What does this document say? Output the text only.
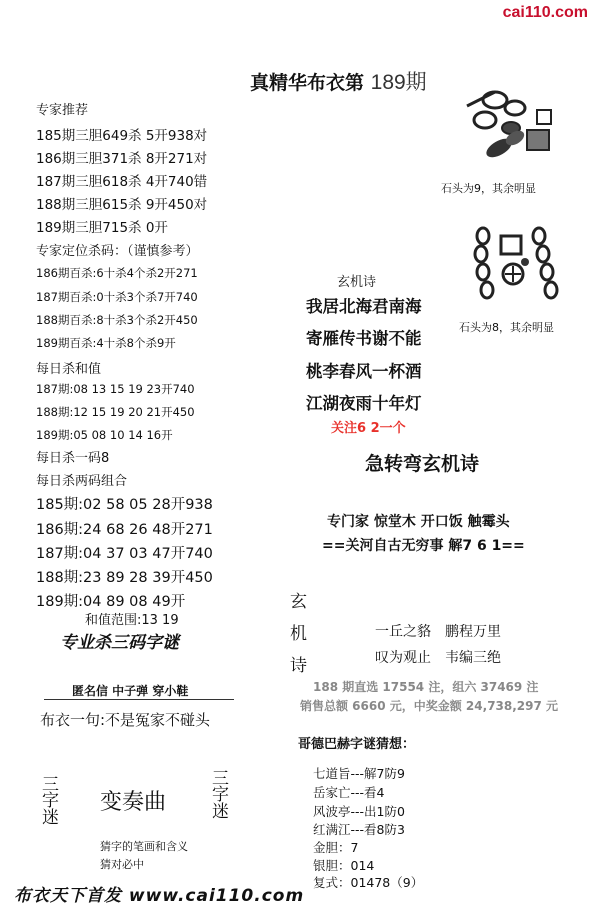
cai110.com
真精华布衣第 189期
专家推荐
185期三胆649杀 5开938对
186期三胆371杀 8开271对
187期三胆618杀 4开740错
188期三胆615杀 9开450对
189期三胆715杀 0开
专家定位杀码：（谨慎参考）
186期百杀:6十杀4个杀2开271
187期百杀:0十杀3个杀7开740
188期百杀:8十杀3个杀2开450
189期百杀:4十杀8个杀9开
每日杀和值
187期:08 13 15 19 23开740
188期:12 15 19 20 21开450
189期:05 08 10 14 16开
每日杀一码8
每日杀两码组合
185期:02 58 05 28开938
186期:24 68 26 48开271
187期:04 37 03 47开740
188期:23 89 28 39开450
189期:04 89 08 49开
和值范围:13 19
专业杀三码字谜
匿名信 中子弹 穿小鞋
布衣一句:不是冤家不碰头
三
字
迷
变奏曲
三
字
迷
猜字的笔画和含义
猜对必中
布衣天下首发 www.cai110.com
石头为9，其余明显
石头为8，其余明显
玄机诗
我居北海君南海
寄雁传书谢不能
桃李春风一杯酒
江湖夜雨十年灯
关注6 2一个
急转弯玄机诗
专门家 惊堂木 开口饭 触霉头
==关河自古无穷事 解7 6 1==
玄
机
诗
一丘之貉　鹏程万里
叹为观止　韦编三绝
188 期直选 17554 注，组六 37469 注
销售总额 6660 元，中奖金额 24,738,297 元
哥德巴赫字谜猜想：
七道旨---解7防9
岳家亡---看4
风波亭---出1防0
红满江---看8防3
金胆：7
银胆：014
复式：01478（9）
